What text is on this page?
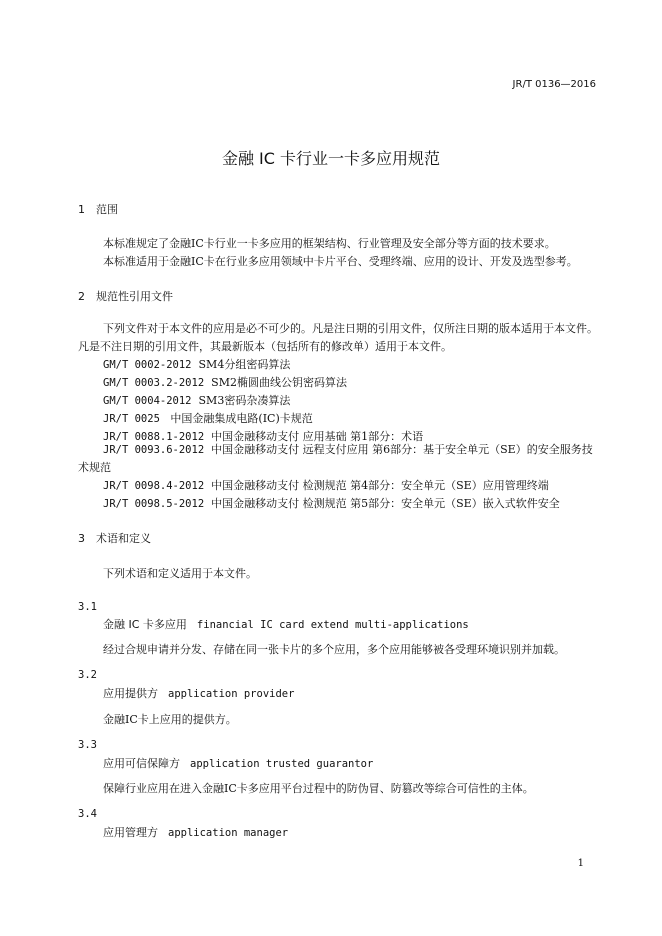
JR/T 0136—2016
金融 IC 卡行业一卡多应用规范
1 范围
本标准规定了金融IC卡行业一卡多应用的框架结构、行业管理及安全部分等方面的技术要求。
本标准适用于金融IC卡在行业多应用领域中卡片平台、受理终端、应用的设计、开发及选型参考。
2 规范性引用文件
下列文件对于本文件的应用是必不可少的。凡是注日期的引用文件，仅所注日期的版本适用于本文件。凡是不注日期的引用文件，其最新版本（包括所有的修改单）适用于本文件。
GM/T 0002-2012 SM4分组密码算法
GM/T 0003.2-2012 SM2椭圆曲线公钥密码算法
GM/T 0004-2012 SM3密码杂凑算法
JR/T 0025 中国金融集成电路(IC)卡规范
JR/T 0088.1-2012 中国金融移动支付 应用基础 第1部分：术语
JR/T 0093.6-2012 中国金融移动支付 远程支付应用 第6部分：基于安全单元（SE）的安全服务技术规范
JR/T 0098.4-2012 中国金融移动支付 检测规范 第4部分：安全单元（SE）应用管理终端
JR/T 0098.5-2012 中国金融移动支付 检测规范 第5部分：安全单元（SE）嵌入式软件安全
3 术语和定义
下列术语和定义适用于本文件。
3.1
金融 IC 卡多应用 financial IC card extend multi-applications
经过合规申请并分发、存储在同一张卡片的多个应用，多个应用能够被各受理环境识别并加载。
3.2
应用提供方 application provider
金融IC卡上应用的提供方。
3.3
应用可信保障方 application trusted guarantor
保障行业应用在进入金融IC卡多应用平台过程中的防伪冒、防篡改等综合可信性的主体。
3.4
应用管理方 application manager
1
